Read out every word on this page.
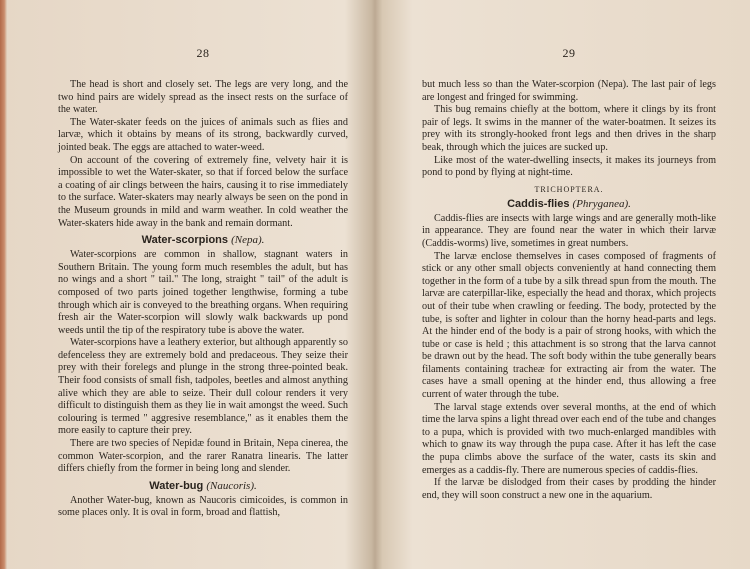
28

The head is short and closely set. The legs are very long, and the two hind pairs are widely spread as the insect rests on the surface of the water.

The Water-skater feeds on the juices of animals such as flies and larvæ, which it obtains by means of its strong, backwardly curved, jointed beak. The eggs are attached to water-weed.

On account of the covering of extremely fine, velvety hair it is impossible to wet the Water-skater, so that if forced below the surface a coating of air clings between the hairs, causing it to rise immediately to the surface. Water-skaters may nearly always be seen on the pond in the Museum grounds in mild and warm weather. In cold weather the Water-skaters hide away in the bank and remain dormant.

Water-scorpions (Nepa).

Water-scorpions are common in shallow, stagnant waters in Southern Britain. The young form much resembles the adult, but has no wings and a short " tail." The long, straight " tail" of the adult is composed of two parts joined together lengthwise, forming a tube through which air is conveyed to the breathing organs. When requiring fresh air the Water-scorpion will slowly walk backwards up pond weeds until the tip of the respiratory tube is above the water.

Water-scorpions have a leathery exterior, but although apparently so defenceless they are extremely bold and predaceous. They seize their prey with their forelegs and plunge in the strong three-pointed beak. Their food consists of small fish, tadpoles, beetles and almost anything alive which they are able to seize. Their dull colour renders it very difficult to distinguish them as they lie in wait amongst the weed. Such colouring is termed " aggresive resemblance," as it enables them the more easily to capture their prey.

There are two species of Nepidæ found in Britain, Nepa cinerea, the common Water-scorpion, and the rarer Ranatra linearis. The latter differs chiefly from the former in being long and slender.

Water-bug (Naucoris).

Another Water-bug, known as Naucoris cimicoides, is common in some places only. It is oval in form, broad and flattish,

29

but much less so than the Water-scorpion (Nepa). The last pair of legs are longest and fringed for swimming.

This bug remains chiefly at the bottom, where it clings by its front pair of legs. It swims in the manner of the water-boatmen. It seizes its prey with its strongly-hooked front legs and then drives in the sharp beak, through which the juices are sucked up.

Like most of the water-dwelling insects, it makes its journeys from pond to pond by flying at night-time.

TRICHOPTERA.
Caddis-flies (Phryganea).

Caddis-flies are insects with large wings and are generally moth-like in appearance. They are found near the water in which their larvæ (Caddis-worms) live, sometimes in great numbers.

The larvæ enclose themselves in cases composed of fragments of stick or any other small objects conveniently at hand connecting them together in the form of a tube by a silk thread spun from the mouth. The larvæ are caterpillar-like, especially the head and thorax, which projects out of their tube when crawling or feeding. The body, protected by the tube, is softer and lighter in colour than the horny head-parts and legs. At the hinder end of the body is a pair of strong hooks, with which the tube or case is held ; this attachment is so strong that the larva cannot be drawn out by the head. The soft body within the tube generally bears filaments containing tracheæ for extracting air from the water. The cases have a small opening at the hinder end, thus allowing a free current of water through the tube.

The larval stage extends over several months, at the end of which time the larva spins a light thread over each end of the tube and changes to a pupa, which is provided with two much-enlarged mandibles with which to gnaw its way through the pupa case. After it has left the case the pupa climbs above the surface of the water, casts its skin and emerges as a caddis-fly. There are numerous species of caddis-flies.

If the larvæ be dislodged from their cases by prodding the hinder end, they will soon construct a new one in the aquarium.
